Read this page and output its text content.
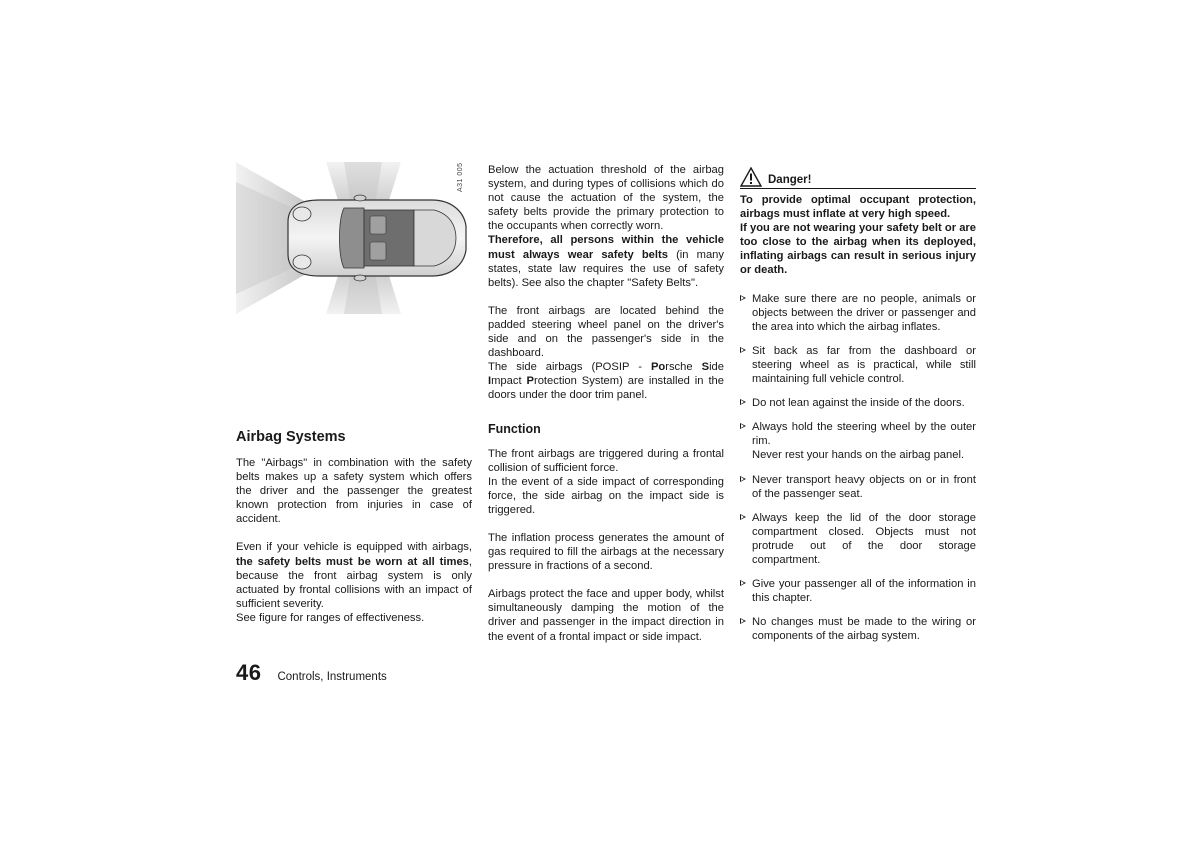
A31 005
Airbag Systems

The "Airbags" in combination with the safety belts makes up a safety system which offers the driver and the passenger the greatest known protection from injuries in case of accident.

Even if your vehicle is equipped with airbags, the safety belts must be worn at all times, because the front airbag system is only actuated by frontal collisions with an impact of sufficient severity.

See figure for ranges of effectiveness.

Below the actuation threshold of the airbag system, and during types of collisions which do not cause the actuation of the system, the safety belts provide the primary protection to the occupants when correctly worn.

Therefore, all persons within the vehicle must always wear safety belts (in many states, state law requires the use of safety belts). See also the chapter "Safety Belts".

The front airbags are located behind the padded steering wheel panel on the driver's side and on the passenger's side in the dashboard.

The side airbags (POSIP - Porsche Side Impact Protection System) are installed in the doors under the door trim panel.

Function

The front airbags are triggered during a frontal collision of sufficient force.

In the event of a side impact of corresponding force, the side airbag on the impact side is triggered.

The inflation process generates the amount of gas required to fill the airbags at the necessary pressure in fractions of a second.

Airbags protect the face and upper body, whilst simultaneously damping the motion of the driver and passenger in the impact direction in the event of a frontal impact or side impact.

Danger!

To provide optimal occupant protection, airbags must inflate at very high speed.

If you are not wearing your safety belt or are too close to the airbag when its deployed, inflating airbags can result in serious injury or death.

Make sure there are no people, animals or objects between the driver or passenger and the area into which the airbag inflates.
Sit back as far from the dashboard or steering wheel as is practical, while still maintaining full vehicle control.
Do not lean against the inside of the doors.
Always hold the steering wheel by the outer rim.
Never rest your hands on the airbag panel.
Never transport heavy objects on or in front of the passenger seat.
Always keep the lid of the door storage compartment closed. Objects must not protrude out of the door storage compartment.
Give your passenger all of the information in this chapter.
No changes must be made to the wiring or components of the airbag system.
46 Controls, Instruments
